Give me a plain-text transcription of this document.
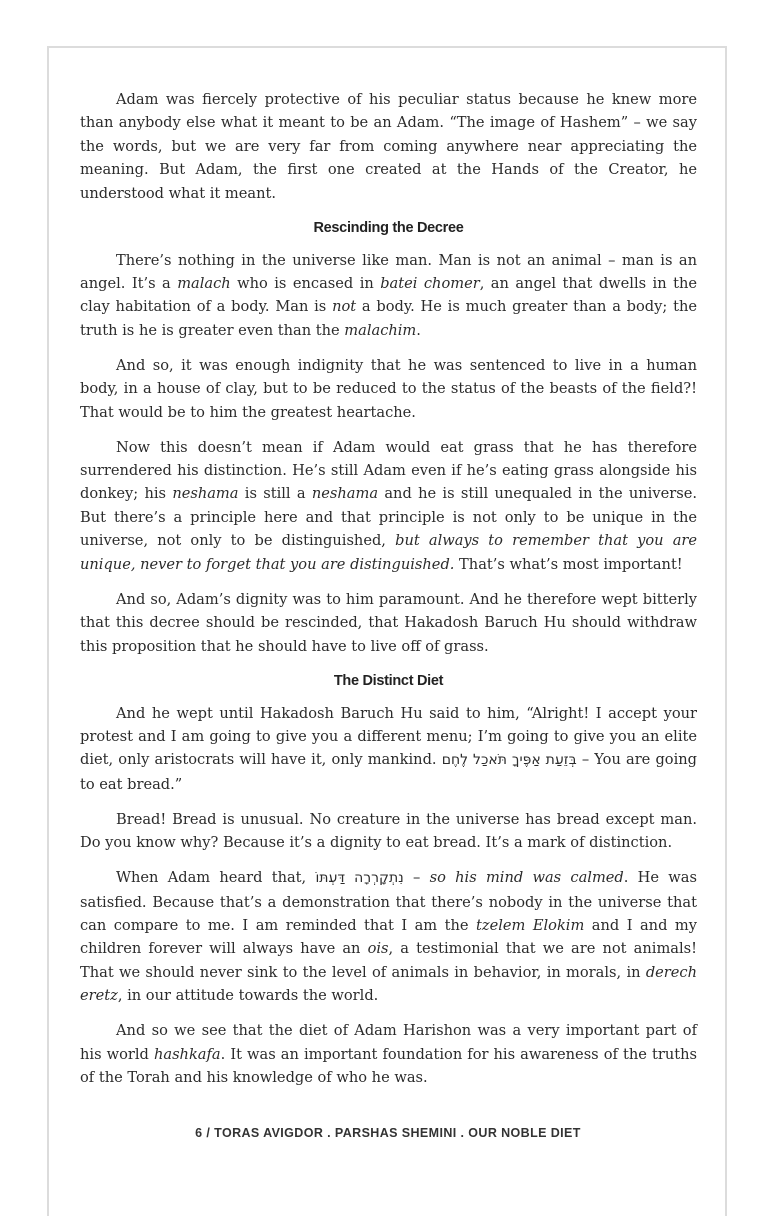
Adam was fiercely protective of his peculiar status because he knew more than anybody else what it meant to be an Adam. “The image of Hashem” – we say the words, but we are very far from coming anywhere near appreciating the meaning. But Adam, the first one created at the Hands of the Creator, he understood what it meant.

Rescinding the Decree

There’s nothing in the universe like man. Man is not an animal – man is an angel. It’s a malach who is encased in batei chomer, an angel that dwells in the clay habitation of a body. Man is not a body. He is much greater than a body; the truth is he is greater even than the malachim.

And so, it was enough indignity that he was sentenced to live in a human body, in a house of clay, but to be reduced to the status of the beasts of the field?! That would be to him the greatest heartache.

Now this doesn’t mean if Adam would eat grass that he has therefore surrendered his distinction. He’s still Adam even if he’s eating grass alongside his donkey; his neshama is still a neshama and he is still unequaled in the universe. But there’s a principle here and that principle is not only to be unique in the universe, not only to be distinguished, but always to remember that you are unique, never to forget that you are distinguished. That’s what’s most important!

And so, Adam’s dignity was to him paramount. And he therefore wept bitterly that this decree should be rescinded, that Hakadosh Baruch Hu should withdraw this proposition that he should have to live off of grass.

The Distinct Diet

And he wept until Hakadosh Baruch Hu said to him, “Alright! I accept your protest and I am going to give you a different menu; I’m going to give you an elite diet, only aristocrats will have it, only mankind. בְּזֵעַת אַפֶּיךָ תֹּאכַל לֶחֶם – You are going to eat bread.”

Bread! Bread is unusual. No creature in the universe has bread except man. Do you know why? Because it’s a dignity to eat bread. It’s a mark of distinction.

When Adam heard that, נִתְקָרְרָה דַּעְתּוֹ – so his mind was calmed. He was satisfied. Because that’s a demonstration that there’s nobody in the universe that can compare to me. I am reminded that I am the tzelem Elokim and I and my children forever will always have an ois, a testimonial that we are not animals! That we should never sink to the level of animals in behavior, in morals, in derech eretz, in our attitude towards the world.

And so we see that the diet of Adam Harishon was a very important part of his world hashkafa. It was an important foundation for his awareness of the truths of the Torah and his knowledge of who he was.

6 / TORAS AVIGDOR . PARSHAS SHEMINI . OUR NOBLE DIET
